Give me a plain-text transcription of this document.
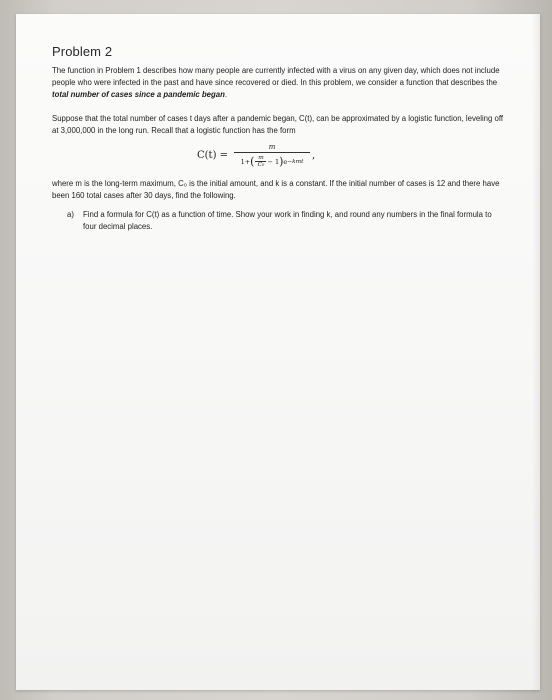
Problem 2

The function in Problem 1 describes how many people are currently infected with a virus on any given day, which does not include people who were infected in the past and have since recovered or died. In this problem, we consider a function that describes the total number of cases since a pandemic began.

Suppose that the total number of cases t days after a pandemic began, C(t), can be approximated by a logistic function, leveling off at 3,000,000 in the long run. Recall that a logistic function has the form

C(t) =
m
1+ ( $\frac{m}{\text{C₀}} - 1$ ) e −kmt
,

where m is the long-term maximum, C₀ is the initial amount, and k is a constant. If the initial number of cases is 12 and there have been 160 total cases after 30 days, find the following.

a)	Find a formula for C(t) as a function of time. Show your work in finding k, and round any numbers in the final formula to four decimal places.
